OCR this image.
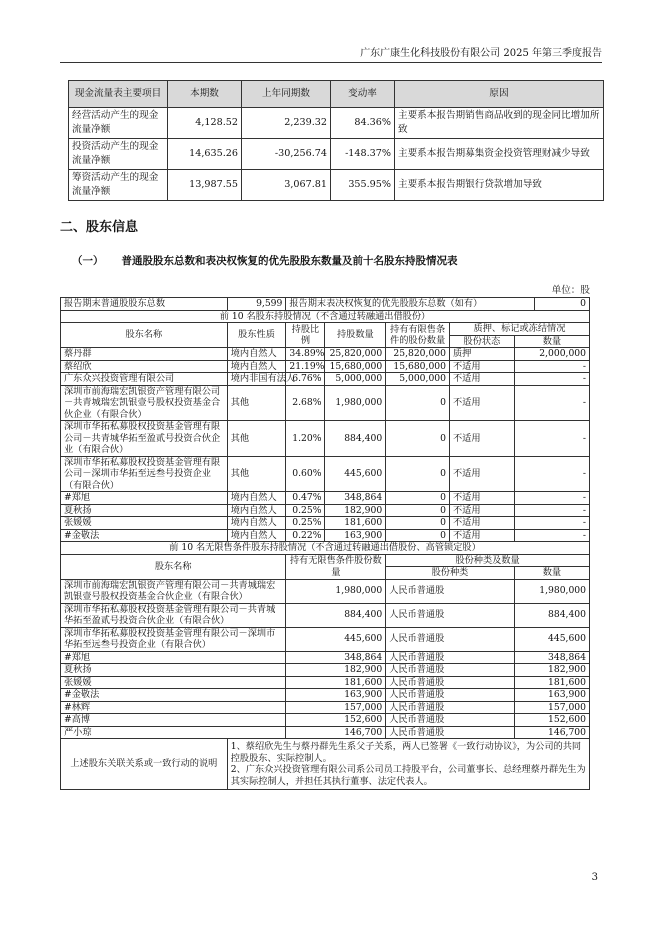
广东广康生化科技股份有限公司 2025 年第三季度报告
现金流量表主要项目	本期数	上年同期数	变动率	原因
经营活动产生的现金流量净额	4,128.52	2,239.32	84.36%	主要系本报告期销售商品收到的现金同比增加所致
投资活动产生的现金流量净额	14,635.26	-30,256.74	-148.37%	主要系本报告期募集资金投资管理财减少导致
筹资活动产生的现金流量净额	13,987.55	3,067.81	355.95%	主要系本报告期银行贷款增加导致
二、股东信息
（一） 普通股股东总数和表决权恢复的优先股股东数量及前十名股东持股情况表
单位：股
报告期末普通股股东总数	9,599	报告期末表决权恢复的优先股股东总数（如有）					0
前 10 名股东持股情况（不含通过转融通出借股份）							
股东名称	股东性质	持股比例	持股数量	持有有限售条件的股份数量	质押、标记或冻结情况		
					股份状态	数量	
蔡丹群	境内自然人	34.89%	25,820,000	25,820,000	质押	2,000,000	
蔡绍欣	境内自然人	21.19%	15,680,000	15,680,000	不适用	-	
广东众兴投资管理有限公司	境内非国有法人	6.76%	5,000,000	5,000,000	不适用	-	
深圳市前海瑞宏凯银资产管理有限公司－共青城瑞宏凯银壹号股权投资基金合伙企业（有限合伙）	其他	2.68%	1,980,000	0	不适用	-	
深圳市华拓私募股权投资基金管理有限公司－共青城华拓至盈贰号投资合伙企业（有限合伙）	其他	1.20%	884,400	0	不适用	-	
深圳市华拓私募股权投资基金管理有限公司－深圳市华拓至远叁号投资企业（有限合伙）	其他	0.60%	445,600	0	不适用	-	
#郑旭	境内自然人	0.47%	348,864	0	不适用	-	
夏秋扬	境内自然人	0.25%	182,900	0	不适用	-	
张媛媛	境内自然人	0.25%	181,600	0	不适用	-	
#金敬法	境内自然人	0.22%	163,900	0	不适用	-	
前 10 名无限售条件股东持股情况（不含通过转融通出借股份、高管锁定股）							
股东名称		持有无限售条件股份数量		股份种类及数量			
				股份种类		数量	
深圳市前海瑞宏凯银资产管理有限公司－共青城瑞宏凯银壹号股权投资基金合伙企业（有限合伙）		1,980,000		人民币普通股		1,980,000	
深圳市华拓私募股权投资基金管理有限公司－共青城华拓至盈贰号投资合伙企业（有限合伙）		884,400		人民币普通股		884,400	
深圳市华拓私募股权投资基金管理有限公司－深圳市华拓至远叁号投资企业（有限合伙）		445,600		人民币普通股		445,600	
#郑旭		348,864		人民币普通股		348,864	
夏秋扬		182,900		人民币普通股		182,900	
张媛媛		181,600		人民币普通股		181,600	
#金敬法		163,900		人民币普通股		163,900	
#林辉		157,000		人民币普通股		157,000	
#高博		152,600		人民币普通股		152,600	
严小琼		146,700		人民币普通股		146,700	
上述股东关联关系或一致行动的说明	1、蔡绍欣先生与蔡丹群先生系父子关系，两人已签署《一致行动协议》，为公司的共同控股股东、实际控制人。
2、广东众兴投资管理有限公司系公司员工持股平台，公司董事长、总经理蔡丹群先生为其实际控制人，并担任其执行董事、法定代表人。						
3
